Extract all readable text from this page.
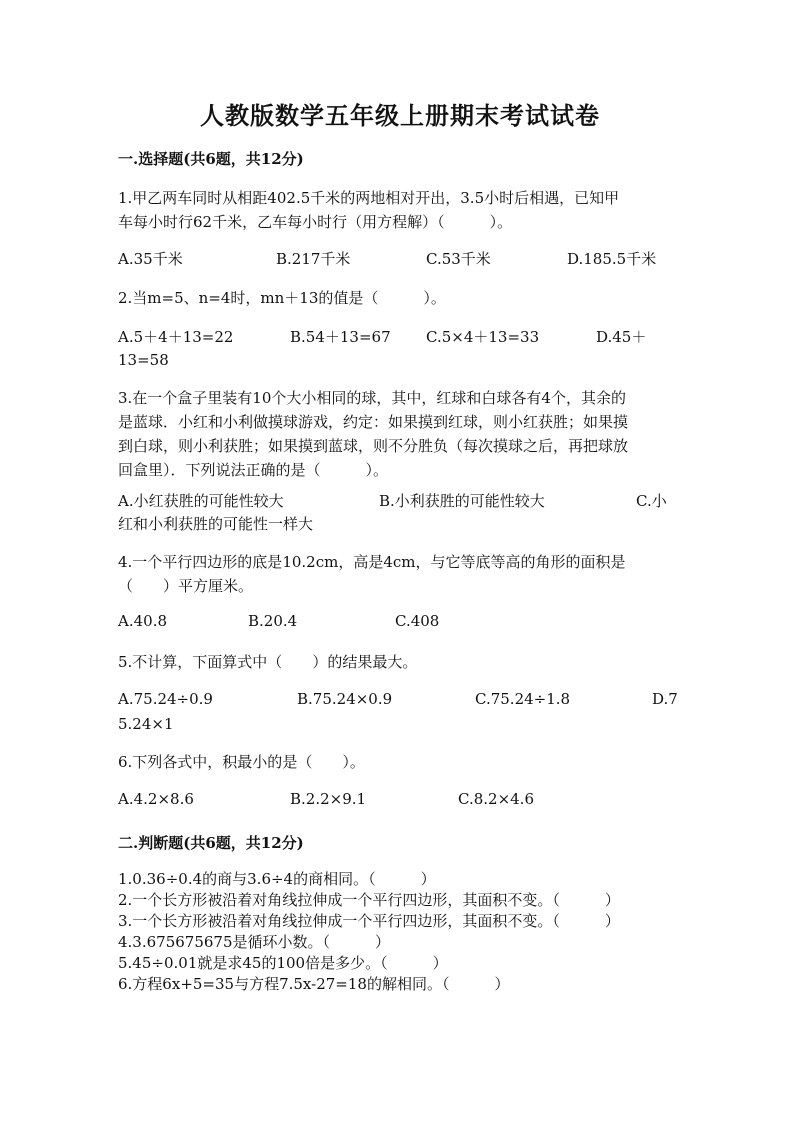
人教版数学五年级上册期末考试试卷
一.选择题(共6题，共12分)
1.甲乙两车同时从相距402.5千米的两地相对开出，3.5小时后相遇，已知甲
车每小时行62千米，乙车每小时行（用方程解）（　　　）。
A.35千米	B.217千米	C.53千米	D.185.5千米
2.当m=5、n=4时，mn＋13的值是（　　　）。
A.5＋4＋13=22	B.54＋13=67 C.5×4＋13=33	D.45＋
13=58
3.在一个盒子里装有10个大小相同的球，其中，红球和白球各有4个，其余的
是蓝球．小红和小利做摸球游戏，约定：如果摸到红球，则小红获胜；如果摸
到白球，则小利获胜；如果摸到蓝球，则不分胜负（每次摸球之后，再把球放
回盒里）．下列说法正确的是（　　　）。
A.小红获胜的可能性较大	B.小利获胜的可能性较大	C.小
红和小利获胜的可能性一样大
4.一个平行四边形的底是10.2cm，高是4cm，与它等底等高的角形的面积是
（　　）平方厘米。
A.40.8	B.20.4	C.408
5.不计算，下面算式中（　　）的结果最大。
A.75.24÷0.9	B.75.24×0.9	C.75.24÷1.8	D.7
5.24×1
6.下列各式中，积最小的是（　　）。
A.4.2×8.6	B.2.2×9.1	C.8.2×4.6
二.判断题(共6题，共12分)
1.0.36÷0.4的商与3.6÷4的商相同。（　　　）
2.一个长方形被沿着对角线拉伸成一个平行四边形，其面积不变。（　　　）
3.一个长方形被沿着对角线拉伸成一个平行四边形，其面积不变。（　　　）
4.3.675675675是循环小数。（　　　）
5.45÷0.01就是求45的100倍是多少。（　　　）
6.方程6x+5=35与方程7.5x-27=18的解相同。（　　　）
